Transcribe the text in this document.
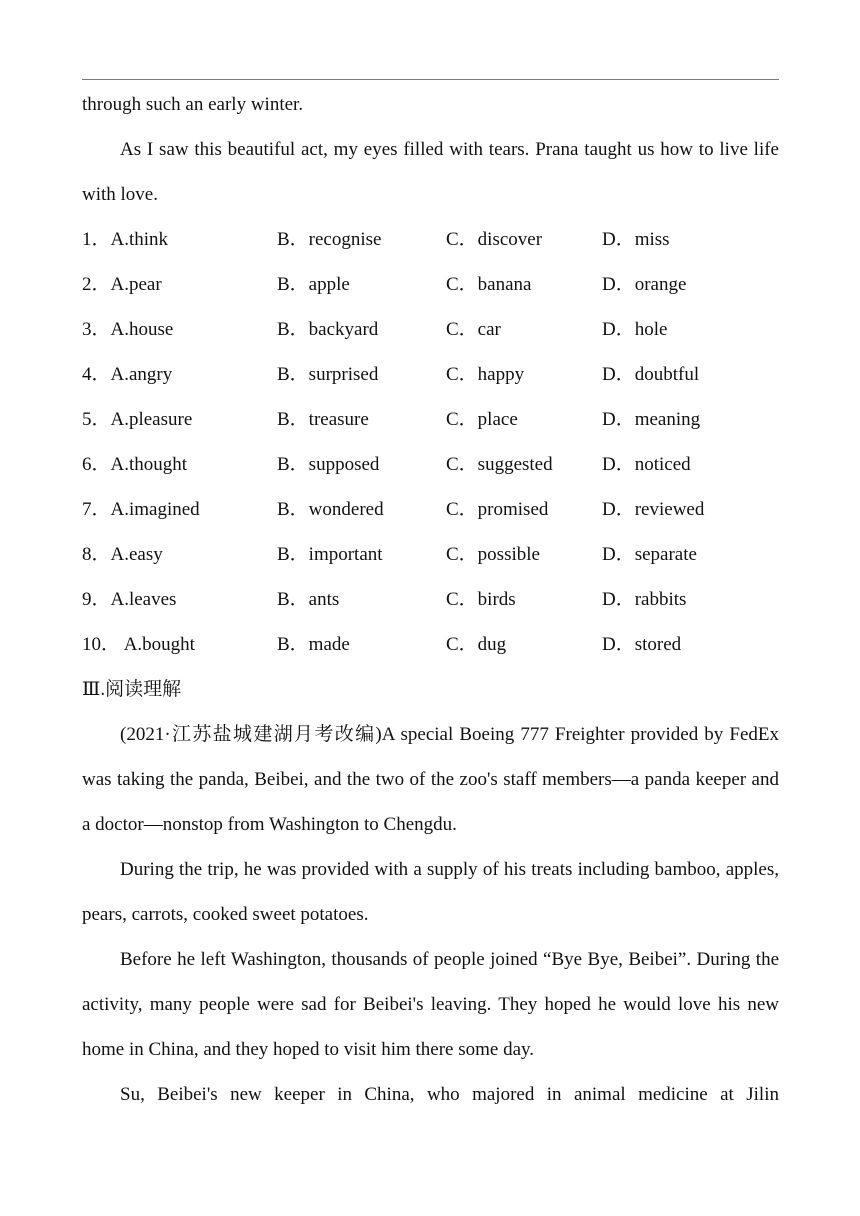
through such an early winter.
As I saw this beautiful act, my eyes filled with tears. Prana taught us how to live life with love.
1．A.think	B．recognise	C．discover	D．miss
2．A.pear	B．apple	C．banana	D．orange
3．A.house	B．backyard	C．car	D．hole
4．A.angry	B．surprised	C．happy	D．doubtful
5．A.pleasure	B．treasure	C．place	D．meaning
6．A.thought	B．supposed	C．suggested	D．noticed
7．A.imagined	B．wondered	C．promised	D．reviewed
8．A.easy	B．important	C．possible	D．separate
9．A.leaves	B．ants	C．birds	D．rabbits
10． A.bought	B．made	C．dug	D．stored
Ⅲ.阅读理解
(2021·江苏盐城建湖月考改编)A special Boeing 777 Freighter provided by FedEx was taking the panda, Beibei, and the two of the zoo's staff members—a panda keeper and a doctor—nonstop from Washington to Chengdu.
During the trip, he was provided with a supply of his treats including bamboo, apples, pears, carrots, cooked sweet potatoes.
Before he left Washington, thousands of people joined “Bye Bye, Beibei”. During the activity, many people were sad for Beibei's leaving. They hoped he would love his new home in China, and they hoped to visit him there some day.
Su, Beibei's new keeper in China, who majored in animal medicine at Jilin
